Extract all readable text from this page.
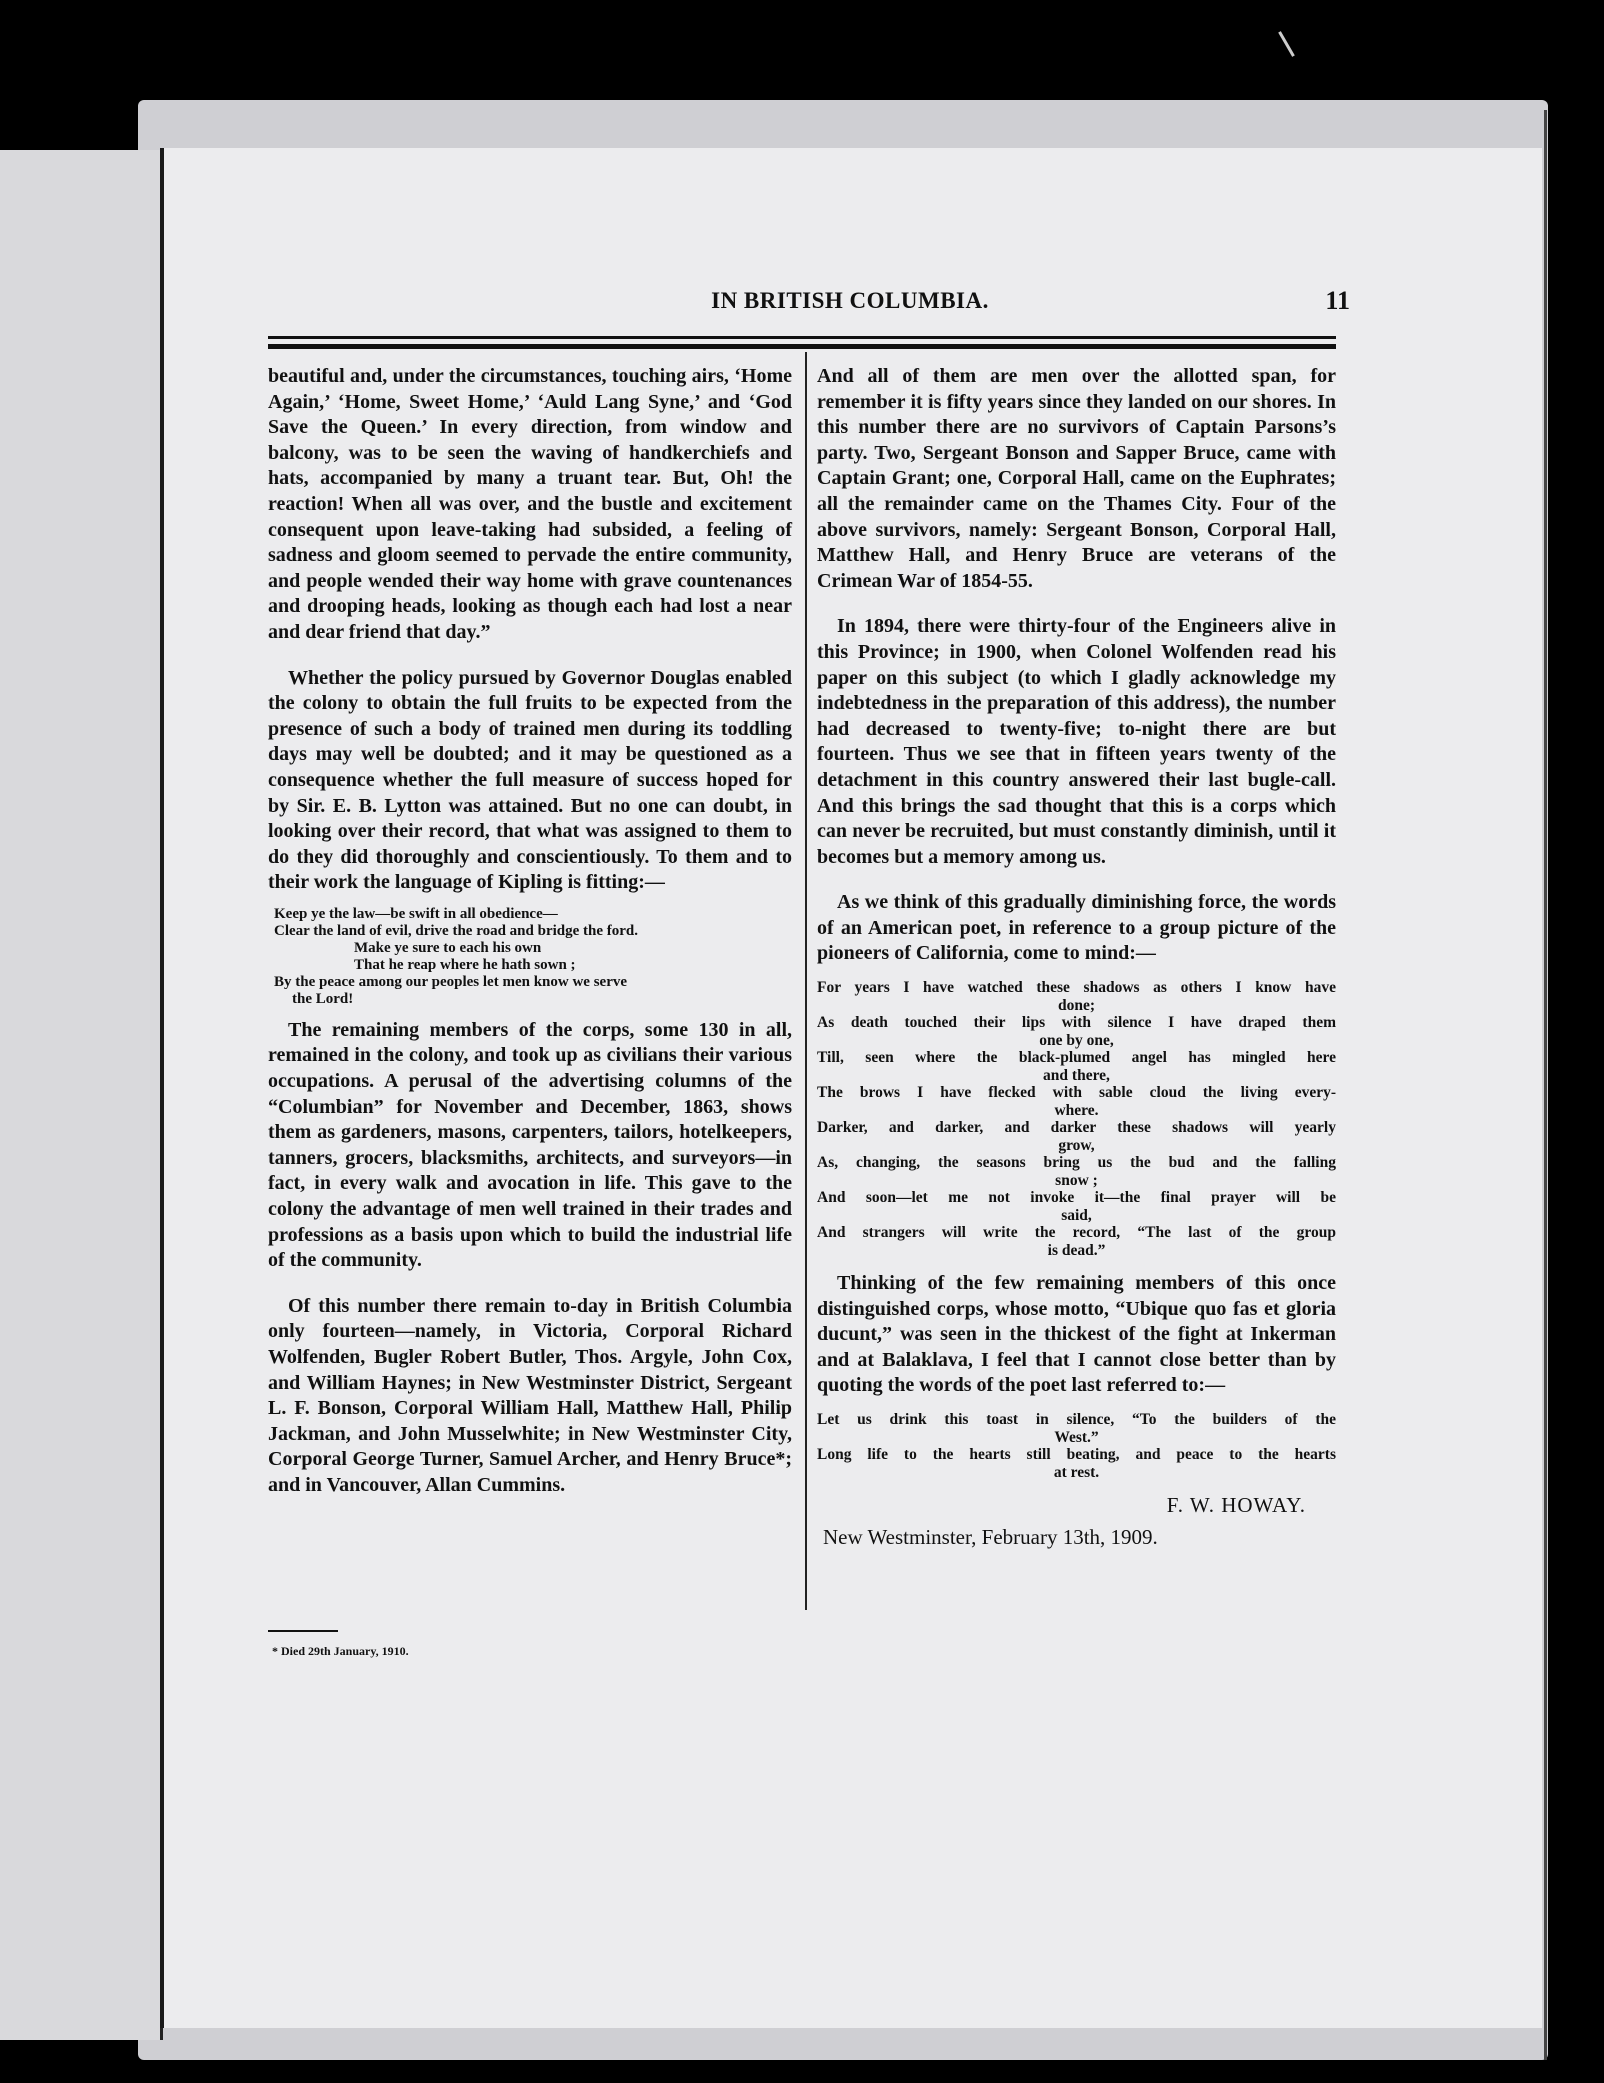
IN BRITISH COLUMBIA.	11

beautiful and, under the circumstances, touching airs, ‘Home Again,’ ‘Home, Sweet Home,’ ‘Auld Lang Syne,’ and ‘God Save the Queen.’ In every direction, from window and balcony, was to be seen the waving of handkerchiefs and hats, accompanied by many a truant tear. But, Oh! the reaction! When all was over, and the bustle and excitement consequent upon leave-taking had subsided, a feeling of sadness and gloom seemed to pervade the entire community, and people wended their way home with grave countenances and drooping heads, looking as though each had lost a near and dear friend that day.”

Whether the policy pursued by Governor Douglas enabled the colony to obtain the full fruits to be expected from the presence of such a body of trained men during its toddling days may well be doubted; and it may be questioned as a consequence whether the full measure of success hoped for by Sir. E. B. Lytton was attained. But no one can doubt, in looking over their record, that what was assigned to them to do they did thoroughly and conscientiously. To them and to their work the language of Kipling is fitting:—

Keep ye the law—be swift in all obedience—
Clear the land of evil, drive the road and bridge the ford.
Make ye sure to each his own
That he reap where he hath sown ;
By the peace among our peoples let men know we serve
the Lord!

The remaining members of the corps, some 130 in all, remained in the colony, and took up as civilians their various occupations. A perusal of the advertising columns of the “Columbian” for November and December, 1863, shows them as gardeners, masons, carpenters, tailors, hotelkeepers, tanners, grocers, blacksmiths, architects, and surveyors—in fact, in every walk and avocation in life. This gave to the colony the advantage of men well trained in their trades and professions as a basis upon which to build the industrial life of the community.

Of this number there remain to-day in British Columbia only fourteen—namely, in Victoria, Corporal Richard Wolfenden, Bugler Robert Butler, Thos. Argyle, John Cox, and William Haynes; in New Westminster District, Sergeant L. F. Bonson, Corporal William Hall, Matthew Hall, Philip Jackman, and John Musselwhite; in New Westminster City, Corporal George Turner, Samuel Archer, and Henry Bruce*; and in Vancouver, Allan Cummins.

And all of them are men over the allotted span, for remember it is fifty years since they landed on our shores. In this number there are no survivors of Captain Parsons’s party. Two, Sergeant Bonson and Sapper Bruce, came with Captain Grant; one, Corporal Hall, came on the Euphrates; all the remainder came on the Thames City. Four of the above survivors, namely: Sergeant Bonson, Corporal Hall, Matthew Hall, and Henry Bruce are veterans of the Crimean War of 1854-55.

In 1894, there were thirty-four of the Engineers alive in this Province; in 1900, when Colonel Wolfenden read his paper on this subject (to which I gladly acknowledge my indebtedness in the preparation of this address), the number had decreased to twenty-five; to-night there are but fourteen. Thus we see that in fifteen years twenty of the detachment in this country answered their last bugle-call. And this brings the sad thought that this is a corps which can never be recruited, but must constantly diminish, until it becomes but a memory among us.

As we think of this gradually diminishing force, the words of an American poet, in reference to a group picture of the pioneers of California, come to mind:—

For years I have watched these shadows as others I know have
done;
As death touched their lips with silence I have draped them
one by one,
Till, seen where the black-plumed angel has mingled here
and there,
The brows I have flecked with sable cloud the living every-
where.
Darker, and darker, and darker these shadows will yearly
grow,
As, changing, the seasons bring us the bud and the falling
snow ;
And soon—let me not invoke it—the final prayer will be
said,
And strangers will write the record, “The last of the group
is dead.”

Thinking of the few remaining members of this once distinguished corps, whose motto, “Ubique quo fas et gloria ducunt,” was seen in the thickest of the fight at Inkerman and at Balaklava, I feel that I cannot close better than by quoting the words of the poet last referred to:—

Let us drink this toast in silence, “To the builders of the
West.”
Long life to the hearts still beating, and peace to the hearts
at rest.
F. W. HOWAY.
New Westminster, February 13th, 1909.
* Died 29th January, 1910.
